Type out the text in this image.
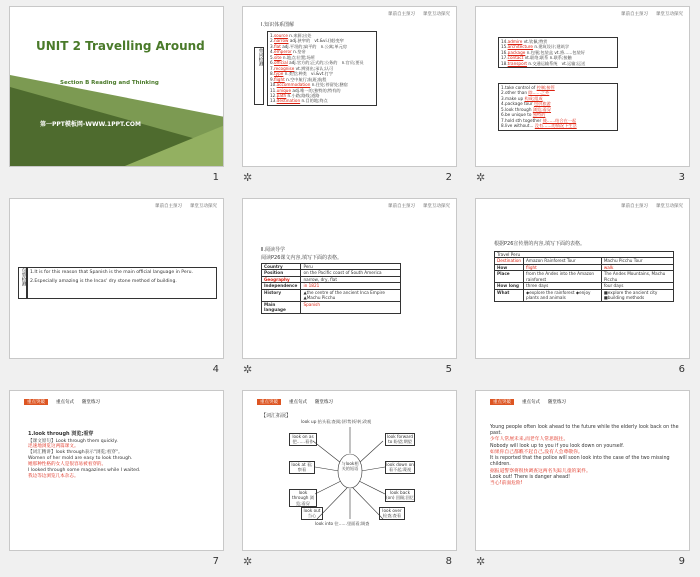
UNIT 2 Travelling Around
Section B Reading and Thinking
第一PPT模板网-WWW.1PPT.COM
1
课前自主预习 课堂互动探究
Ⅰ.知识体系图解
单词检测
1.source n.来源;出处
2.narrow adj.狭窄的　vt.&vi.(使)变窄
3.flat adj.平坦的;扁平的　n.公寓;单元房
4.emperor n.皇帝
5.site n.地点;位置;场所
6.official adj.官方的;正式的;公务的　n.官员;要员
7.recognise vt.辨别出;承认;认可
8.type n.类型;种类　vi.&vt.打字
9.flight n.空中航行;航班;航程
10.accommodation n.住处;停留处;膳宿
11.unique adj.唯一的;独特的;特有的
12.path n.小路;路线;道路
13.destination n.目的地;终点
✲	2
课前自主预习 课堂互动探究
14.admire vt.钦佩;赞赏
15.architecture n.建筑设计;建筑学
16.package n.包裹;包装盒 vt.将……包装好
17.contact vt.联络;联系 n.联系;接触
18.transport n.交通运输系统　vt.运输;运送
1.take control of 控制;接管
2.other than 除……之外
3.make up 构成;组成
4.package tour 包价旅游
5.look through 浏览;看穿
6.be unique to 独特的
7.hold sth together 使……结合在一起
8.live without... 没有……的情况下生活
✲	3
课前自主预习 课堂互动探究
句型检测 1.It is for this reason that Spanish is the main official language in Peru.
2.Especially amazing is the Incas' dry stone method of building.
4
课前自主预习 课堂互动探究
Ⅱ.阅读导学
阅读P26课文内容,填写下面的表格。
Country	Peru
Position	on the Pacific coast of South America
Geography	narrow, dry, flat
Independence	in 1821
History	▲the centre of the ancient Inca Empire ▲Machu Picchu
Main language	Spanish
✲	5
课前自主预习 课堂互动探究
根据P26宣传册的内容,填写下面的表格。
Travel Peru		
Destination	Amazon Rainforest Tour	Machu Picchu Tour
How	flight	walk
Place	from the Andes into the Amazon rainforest	The Andes Mountains, Machu Picchu
How long	three days	four days
What	◆explore the rainforest ◆enjoy plants and animals	■explore the ancient city ■building methods
6
重点突破	重点句式 随堂练习
1.look through 浏览;看穿
【课文原句】Look through them quickly.
迅速地浏览这两篇课文。
【词汇精讲】look through表示"浏览;看穿"。
Women of her mold are easy to look through.
她那种性格的女人是很容易被看穿的。
I looked through some magazines while I waited.
我边等边浏览几本杂志。
7
重点突破	重点句式 随堂练习
【词汇拓展】
look up 抬头看;查阅;(形势)好转;改观
与look相关的短语
look into 往……里面看;调查
look on as 把……看作
look forward to 盼望;期望
look at 看;察看
look down on 看不起;蔑视
look through 浏览;看穿
look back (on) 回顾;回忆
look out 当心
look over 检查;查看
✲	8
重点突破	重点句式 随堂练习
Young people often look ahead to the future while the elderly look back on the past.
少年人常展未来,而老年人常思既往。
Nobody will look up to you if you look down on yourself.
如果你自己都瞧不起自己,没有人会尊敬你。
It is reported that the police will soon look into the case of the two missing children.
据报道警察将很快调查这两名失踪儿童的案件。
Look out! There is danger ahead!
当心!前面危险!
✲	9
